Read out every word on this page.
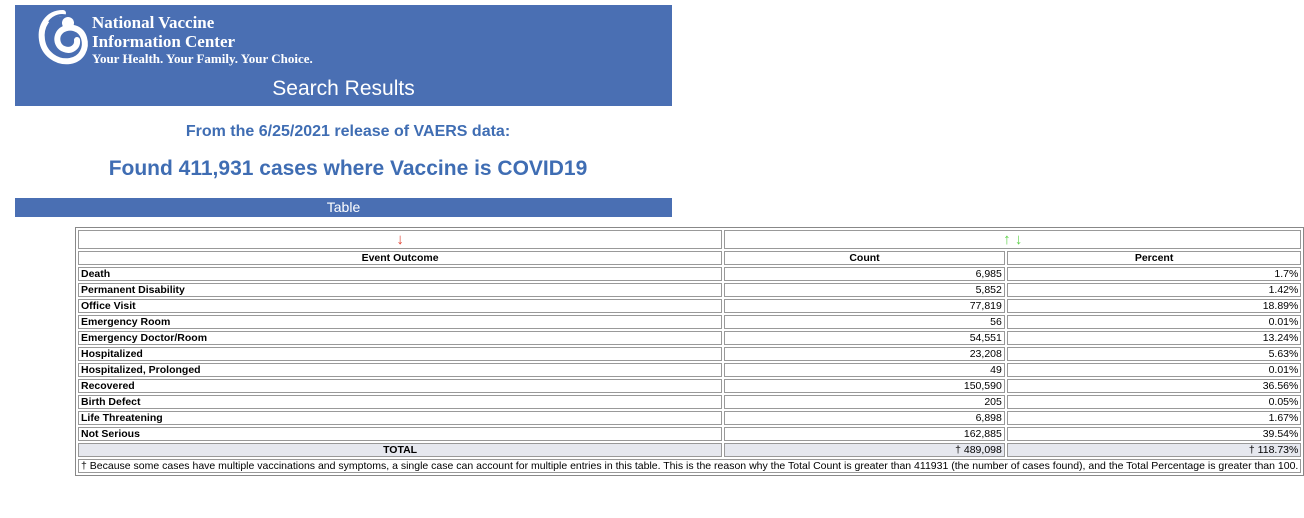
National Vaccine
Information Center
Your Health. Your Family. Your Choice.
Search Results
From the 6/25/2021 release of VAERS data:
Found 411,931 cases where Vaccine is COVID19
Table
↓	↑ ↓	
Event Outcome	Count	Percent
Death	6,985	1.7%
Permanent Disability	5,852	1.42%
Office Visit	77,819	18.89%
Emergency Room	56	0.01%
Emergency Doctor/Room	54,551	13.24%
Hospitalized	23,208	5.63%
Hospitalized, Prolonged	49	0.01%
Recovered	150,590	36.56%
Birth Defect	205	0.05%
Life Threatening	6,898	1.67%
Not Serious	162,885	39.54%
TOTAL	† 489,098	† 118.73%
† Because some cases have multiple vaccinations and symptoms, a single case can account for multiple entries in this table. This is the reason why the Total Count is greater than 411931 (the number of cases found), and the Total Percentage is greater than 100.		
